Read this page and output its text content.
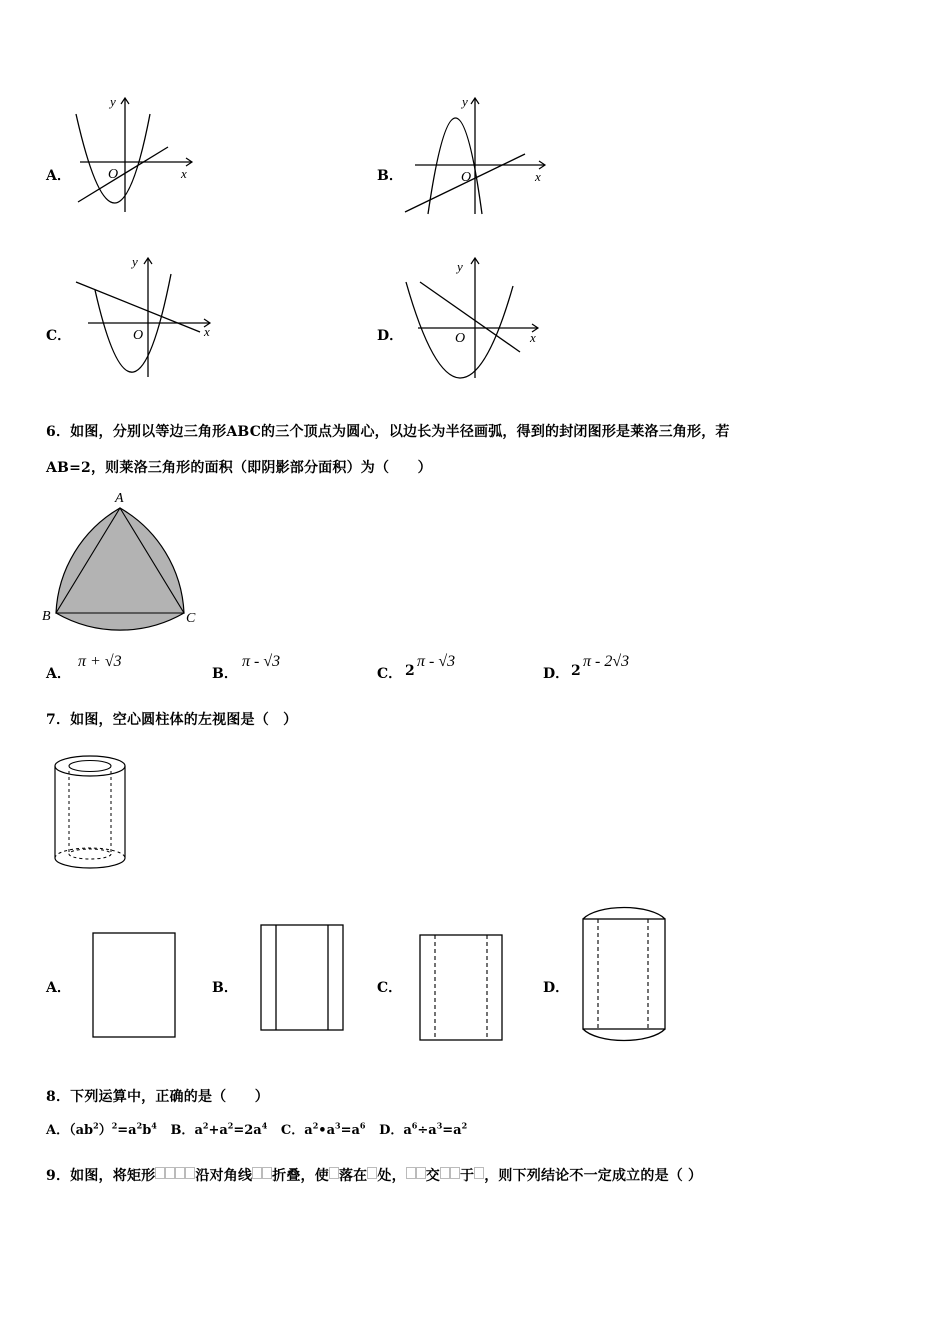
A．	x
y
O	B．	x
y
O
C．	x
y
O	D．	x
y
O
6．如图，分别以等边三角形ABC的三个顶点为圆心，以边长为半径画弧，得到的封闭图形是莱洛三角形，若
AB=2，则莱洛三角形的面积（即阴影部分面积）为（　　）
A
B	C
A．
π + √3
B．
π - √3
C． 2
π - √3
D． 2
π - 2√3
7．如图，空心圆柱体的左视图是（　）
A．	B．	C．	D．
8．下列运算中，正确的是（　　）
A．$(ab^2)^2=a^2b^4$ B．$a^2+a^2=2a^4$ C．$a^2•a^3=a^6$ D．$a^6\div a^3=a^2$
9．如图，将矩形	沿对角线 折叠，使 落在 处， 交 于 ，则下列结论不一定成立的是（ ）
